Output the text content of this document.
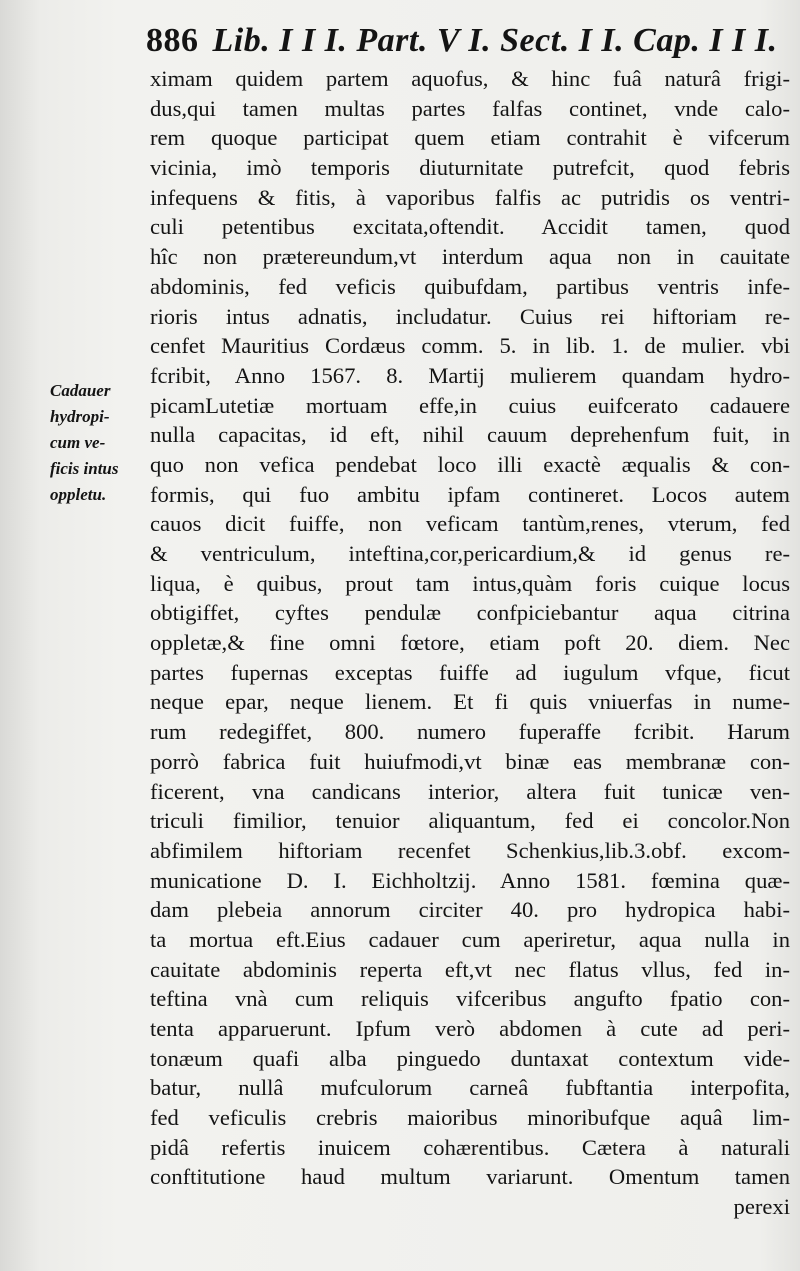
886 Lib. I I I. Part. V I. Sect. I I. Cap. I I I.
Cadauer
hydropi-
cum ve-
ficis intus
oppletu.
ximam quidem partem aquofus, & hinc fuâ naturâ frigi-
dus,qui tamen multas partes falfas continet, vnde calo-
rem quoque participat quem etiam contrahit è vifcerum
vicinia, imò temporis diuturnitate putrefcit, quod febris
infequens & fitis, à vaporibus falfis ac putridis os ventri-
culi petentibus excitata,oftendit. Accidit tamen, quod
hîc non prætereundum,vt interdum aqua non in cauitate
abdominis, fed veficis quibufdam, partibus ventris infe-
rioris intus adnatis, includatur. Cuius rei hiftoriam re-
cenfet Mauritius Cordæus comm. 5. in lib. 1. de mulier. vbi
fcribit, Anno 1567. 8. Martij mulierem quandam hydro-
picamLutetiæ mortuam effe,in cuius euifcerato cadauere
nulla capacitas, id eft, nihil cauum deprehenfum fuit, in
quo non vefica pendebat loco illi exactè æqualis & con-
formis, qui fuo ambitu ipfam contineret. Locos autem
cauos dicit fuiffe, non veficam tantùm,renes, vterum, fed
& ventriculum, inteftina,cor,pericardium,& id genus re-
liqua, è quibus, prout tam intus,quàm foris cuique locus
obtigiffet, cyftes pendulæ confpiciebantur aqua citrina
oppletæ,& fine omni fœtore, etiam poft 20. diem. Nec
partes fupernas exceptas fuiffe ad iugulum vfque, ficut
neque epar, neque lienem. Et fi quis vniuerfas in nume-
rum redegiffet, 800. numero fuperaffe fcribit. Harum
porrò fabrica fuit huiufmodi,vt binæ eas membranæ con-
ficerent, vna candicans interior, altera fuit tunicæ ven-
triculi fimilior, tenuior aliquantum, fed ei concolor.Non
abfimilem hiftoriam recenfet Schenkius,lib.3.obf. excom-
municatione D. I. Eichholtzij. Anno 1581. fœmina quæ-
dam plebeia annorum circiter 40. pro hydropica habi-
ta mortua eft.Eius cadauer cum aperiretur, aqua nulla in
cauitate abdominis reperta eft,vt nec flatus vllus, fed in-
teftina vnà cum reliquis vifceribus angufto fpatio con-
tenta apparuerunt. Ipfum verò abdomen à cute ad peri-
tonæum quafi alba pinguedo duntaxat contextum vide-
batur, nullâ mufculorum carneâ fubftantia interpofita,
fed veficulis crebris maioribus minoribufque aquâ lim-
pidâ refertis inuicem cohærentibus. Cætera à naturali
conftitutione haud multum variarunt. Omentum tamen
perexi
